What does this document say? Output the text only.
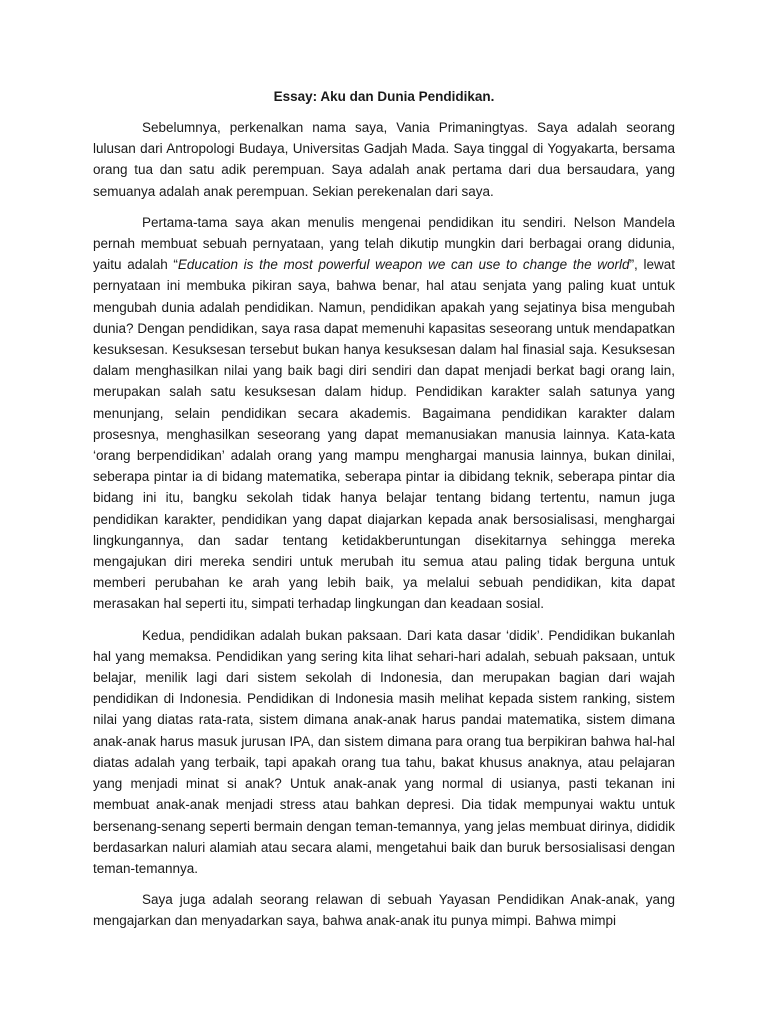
Essay: Aku dan Dunia Pendidikan.

Sebelumnya, perkenalkan nama saya, Vania Primaningtyas. Saya adalah seorang lulusan dari Antropologi Budaya, Universitas Gadjah Mada. Saya tinggal di Yogyakarta, bersama orang tua dan satu adik perempuan. Saya adalah anak pertama dari dua bersaudara, yang semuanya adalah anak perempuan. Sekian perekenalan dari saya.

Pertama-tama saya akan menulis mengenai pendidikan itu sendiri. Nelson Mandela pernah membuat sebuah pernyataan, yang telah dikutip mungkin dari berbagai orang didunia, yaitu adalah “Education is the most powerful weapon we can use to change the world”, lewat pernyataan ini membuka pikiran saya, bahwa benar, hal atau senjata yang paling kuat untuk mengubah dunia adalah pendidikan. Namun, pendidikan apakah yang sejatinya bisa mengubah dunia? Dengan pendidikan, saya rasa dapat memenuhi kapasitas seseorang untuk mendapatkan kesuksesan. Kesuksesan tersebut bukan hanya kesuksesan dalam hal finasial saja. Kesuksesan dalam menghasilkan nilai yang baik bagi diri sendiri dan dapat menjadi berkat bagi orang lain, merupakan salah satu kesuksesan dalam hidup. Pendidikan karakter salah satunya yang menunjang, selain pendidikan secara akademis. Bagaimana pendidikan karakter dalam prosesnya, menghasilkan seseorang yang dapat memanusiakan manusia lainnya. Kata-kata ‘orang berpendidikan’ adalah orang yang mampu menghargai manusia lainnya, bukan dinilai, seberapa pintar ia di bidang matematika, seberapa pintar ia dibidang teknik, seberapa pintar dia bidang ini itu, bangku sekolah tidak hanya belajar tentang bidang tertentu, namun juga pendidikan karakter, pendidikan yang dapat diajarkan kepada anak bersosialisasi, menghargai lingkungannya, dan sadar tentang ketidakberuntungan disekitarnya sehingga mereka mengajukan diri mereka sendiri untuk merubah itu semua atau paling tidak berguna untuk memberi perubahan ke arah yang lebih baik, ya melalui sebuah pendidikan, kita dapat merasakan hal seperti itu, simpati terhadap lingkungan dan keadaan sosial.

Kedua, pendidikan adalah bukan paksaan. Dari kata dasar ‘didik’. Pendidikan bukanlah hal yang memaksa. Pendidikan yang sering kita lihat sehari-hari adalah, sebuah paksaan, untuk belajar, menilik lagi dari sistem sekolah di Indonesia, dan merupakan bagian dari wajah pendidikan di Indonesia. Pendidikan di Indonesia masih melihat kepada sistem ranking, sistem nilai yang diatas rata-rata, sistem dimana anak-anak harus pandai matematika, sistem dimana anak-anak harus masuk jurusan IPA, dan sistem dimana para orang tua berpikiran bahwa hal-hal diatas adalah yang terbaik, tapi apakah orang tua tahu, bakat khusus anaknya, atau pelajaran yang menjadi minat si anak? Untuk anak-anak yang normal di usianya, pasti tekanan ini membuat anak-anak menjadi stress atau bahkan depresi. Dia tidak mempunyai waktu untuk bersenang-senang seperti bermain dengan teman-temannya, yang jelas membuat dirinya, dididik berdasarkan naluri alamiah atau secara alami, mengetahui baik dan buruk bersosialisasi dengan teman-temannya.

Saya juga adalah seorang relawan di sebuah Yayasan Pendidikan Anak-anak, yang mengajarkan dan menyadarkan saya, bahwa anak-anak itu punya mimpi. Bahwa mimpi
